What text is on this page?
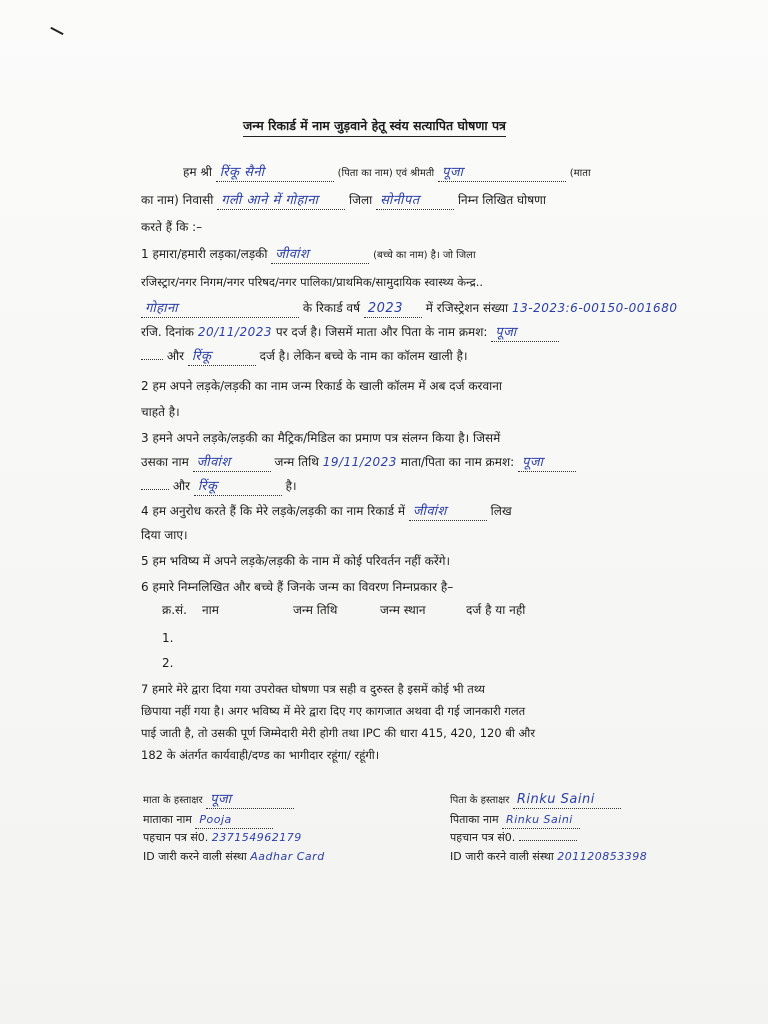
जन्म रिकार्ड में नाम जुड़वाने हेतू स्वंय सत्यापित घोषणा पत्र
हम श्री रिंकू सैनी	(पिता का नाम) एवं श्रीमती पूजा	(माता
का नाम) निवासी गली आने में गोहाना	जिला सोनीपत	निम्न लिखित घोषणा
करते हैं कि :–
1 हमारा/हमारी लड़का/लड़की जीवांश	(बच्चे का नाम) है। जो जिला
रजिस्ट्रार/नगर निगम/नगर परिषद/नगर पालिका/प्राथमिक/सामुदायिक स्वास्थ्य केन्द्र..
गोहाना	के रिकार्ड वर्ष 2023 में रजिस्ट्रेशन संख्या 13-2023:6-00150-001680
रजि. दिनांक 20/11/2023 पर दर्ज है। जिसमें माता और पिता के नाम क्रमश: पूजा
और रिंकू	दर्ज है। लेकिन बच्चे के नाम का कॉलम खाली है।
2 हम अपने लड़के/लड़की का नाम जन्म रिकार्ड के खाली कॉलम में अब दर्ज करवाना
चाहते है।
3 हमने अपने लड़के/लड़की का मैट्रिक/मिडिल का प्रमाण पत्र संलग्न किया है। जिसमें
उसका नाम जीवांश	जन्म तिथि 19/11/2023 माता/पिता का नाम क्रमश: पूजा
और रिंकू	है।
4 हम अनुरोध करते हैं कि मेरे लड़के/लड़की का नाम रिकार्ड में जीवांश	लिख
दिया जाए।
5 हम भविष्य में अपने लड़के/लड़की के नाम में कोई परिवर्तन नहीं करेंगे।
6 हमारे निम्नलिखित और बच्चे हैं जिनके जन्म का विवरण निम्नप्रकार है–
क्र.सं. नाम	जन्म तिथि	जन्म स्थान	दर्ज है या नही
1.
2.
7 हमारे मेरे द्वारा दिया गया उपरोक्त घोषणा पत्र सही व दुरुस्त है इसमें कोई भी तथ्य
छिपाया नहीं गया है। अगर भविष्य में मेरे द्वारा दिए गए कागजात अथवा दी गई जानकारी गलत
पाई जाती है, तो उसकी पूर्ण जिम्मेदारी मेरी होगी तथा IPC की धारा 415, 420, 120 बी और
182 के अंतर्गत कार्यवाही/दण्ड का भागीदार रहूंगा/ रहूंगी।
माता के हस्ताक्षर पूजा
माताका नाम Pooja
पहचान पत्र सं0. 237154962179
ID जारी करने वाली संस्था Aadhar Card
पिता के हस्ताक्षर Rinku Saini
पिताका नाम Rinku Saini
पहचान पत्र सं0.
ID जारी करने वाली संस्था 201120853398
